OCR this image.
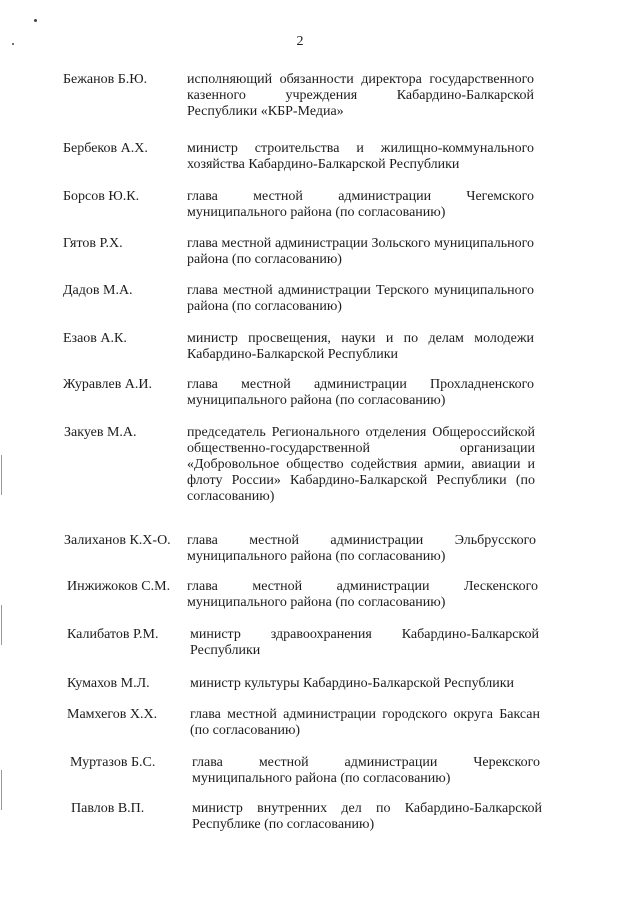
2
Бежанов Б.Ю.	исполняющий обязанности директора государственного казенного учреждения Кабардино-Балкарской Республики «КБР-Медиа»
Бербеков А.Х.	министр строительства и жилищно-коммунального хозяйства Кабардино-Балкарской Республики
Борсов Ю.К.	глава местной администрации Чегемского муниципального района (по согласованию)
Гятов Р.Х.	глава местной администрации Зольского муниципального района (по согласованию)
Дадов М.А.	глава местной администрации Терского муниципального района (по согласованию)
Езаов А.К.	министр просвещения, науки и по делам молодежи Кабардино-Балкарской Республики
Журавлев А.И. глава местной администрации Прохладненского муниципального района (по согласованию)
Закуев М.А.	председатель Регионального отделения Общероссийской общественно-государственной организации «Добровольное общество содействия армии, авиации и флоту России» Кабардино-Балкарской Республики (по согласованию)
Залиханов К.Х-О. глава местной администрации Эльбрусского муниципального района (по согласованию)
Инжижоков С.М. глава местной администрации Лескенского муниципального района (по согласованию)
Калибатов Р.М. министр здравоохранения Кабардино-Балкарской Республики
Кумахов М.Л.	министр культуры Кабардино-Балкарской Республики
Мамхегов Х.Х. глава местной администрации городского округа Баксан (по согласованию)
Муртазов Б.С.	глава местной администрации Черекского муниципального района (по согласованию)
Павлов В.П.	министр внутренних дел по Кабардино-Балкарской Республике (по согласованию)
